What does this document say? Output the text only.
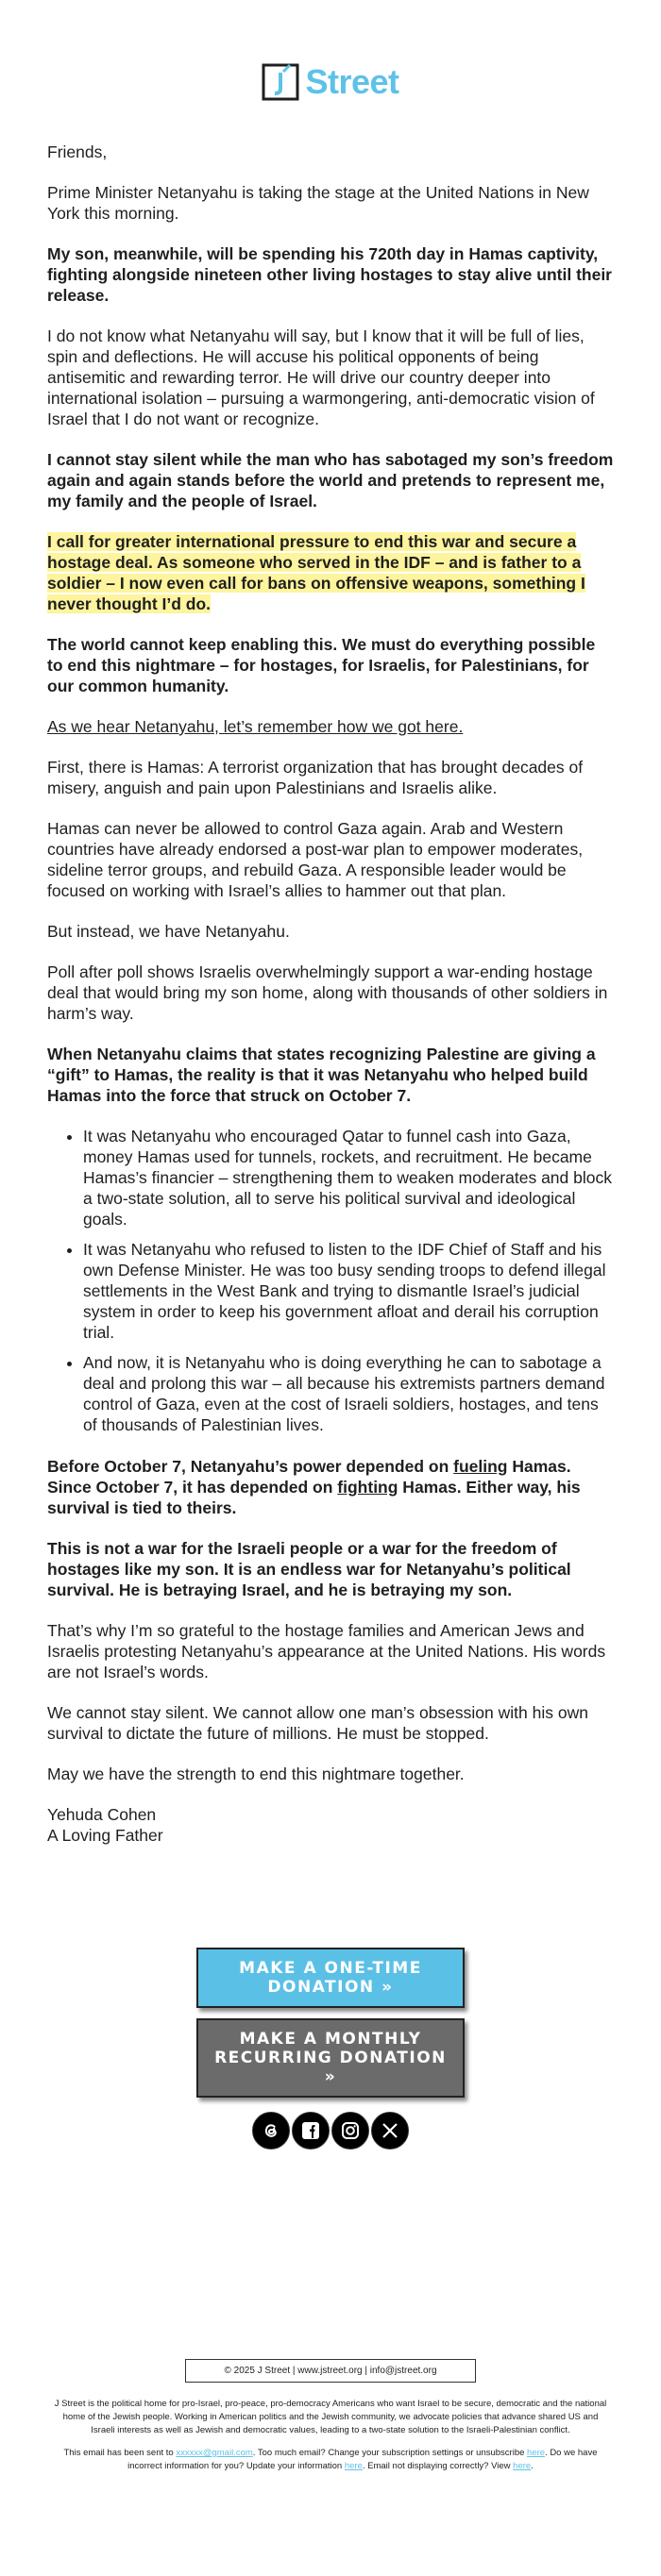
Street

Friends,

Prime Minister Netanyahu is taking the stage at the United Nations in New York this morning.

My son, meanwhile, will be spending his 720th day in Hamas captivity, fighting alongside nineteen other living hostages to stay alive until their release.

I do not know what Netanyahu will say, but I know that it will be full of lies, spin and deflections. He will accuse his political opponents of being antisemitic and rewarding terror. He will drive our country deeper into international isolation – pursuing a warmongering, anti-democratic vision of Israel that I do not want or recognize.

I cannot stay silent while the man who has sabotaged my son’s freedom again and again stands before the world and pretends to represent me, my family and the people of Israel.

I call for greater international pressure to end this war and secure a hostage deal. As someone who served in the IDF – and is father to a soldier – I now even call for bans on offensive weapons, something I never thought I’d do.

The world cannot keep enabling this. We must do everything possible to end this nightmare – for hostages, for Israelis, for Palestinians, for our common humanity.

As we hear Netanyahu, let’s remember how we got here.

First, there is Hamas: A terrorist organization that has brought decades of misery, anguish and pain upon Palestinians and Israelis alike.

Hamas can never be allowed to control Gaza again. Arab and Western countries have already endorsed a post-war plan to empower moderates, sideline terror groups, and rebuild Gaza. A responsible leader would be focused on working with Israel’s allies to hammer out that plan.

But instead, we have Netanyahu.

Poll after poll shows Israelis overwhelmingly support a war-ending hostage deal that would bring my son home, along with thousands of other soldiers in harm’s way.

When Netanyahu claims that states recognizing Palestine are giving a “gift” to Hamas, the reality is that it was Netanyahu who helped build Hamas into the force that struck on October 7.

• It was Netanyahu who encouraged Qatar to funnel cash into Gaza, money Hamas used for tunnels, rockets, and recruitment. He became Hamas’s financier – strengthening them to weaken moderates and block a two-state solution, all to serve his political survival and ideological goals.
• It was Netanyahu who refused to listen to the IDF Chief of Staff and his own Defense Minister. He was too busy sending troops to defend illegal settlements in the West Bank and trying to dismantle Israel’s judicial system in order to keep his government afloat and derail his corruption trial.
• And now, it is Netanyahu who is doing everything he can to sabotage a deal and prolong this war – all because his extremists partners demand control of Gaza, even at the cost of Israeli soldiers, hostages, and tens of thousands of Palestinian lives.

Before October 7, Netanyahu’s power depended on fueling Hamas. Since October 7, it has depended on fighting Hamas. Either way, his survival is tied to theirs.

This is not a war for the Israeli people or a war for the freedom of hostages like my son. It is an endless war for Netanyahu’s political survival. He is betraying Israel, and he is betraying my son.

That’s why I’m so grateful to the hostage families and American Jews and Israelis protesting Netanyahu’s appearance at the United Nations. His words are not Israel’s words.

We cannot stay silent. We cannot allow one man’s obsession with his own survival to dictate the future of millions. He must be stopped.

May we have the strength to end this nightmare together.

Yehuda Cohen

A Loving Father

MAKE A ONE-TIME DONATION »
MAKE A MONTHLY RECURRING DONATION »
© 2025 J Street | www.jstreet.org | info@jstreet.org
J Street is the political home for pro-Israel, pro-peace, pro-democracy Americans who want Israel to be secure, democratic and the national home of the Jewish people. Working in American politics and the Jewish community, we advocate policies that advance shared US and Israeli interests as well as Jewish and democratic values, leading to a two-state solution to the Israeli-Palestinian conflict.
This email has been sent to xxxxxx@gmail.com. Too much email? Change your subscription settings or unsubscribe here. Do we have incorrect information for you? Update your information here. Email not displaying correctly? View here.
